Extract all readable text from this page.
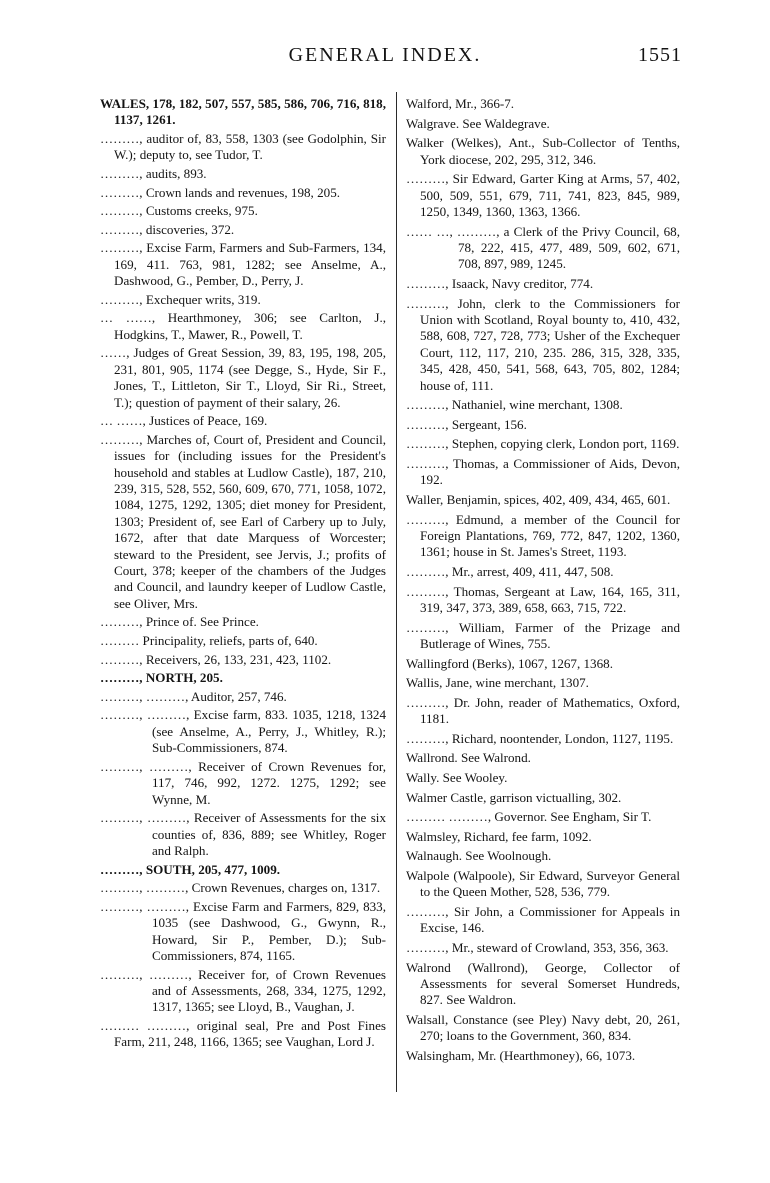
GENERAL INDEX.	1551
WALES, 178, 182, 507, 557, 585, 586, 706, 716, 818, 1137, 1261.
………, auditor of, 83, 558, 1303 (see Godolphin, Sir W.); deputy to, see Tudor, T.
………, audits, 893.
………, Crown lands and revenues, 198, 205.
………, Customs creeks, 975.
………, discoveries, 372.
………, Excise Farm, Farmers and Sub-Farmers, 134, 169, 411. 763, 981, 1282; see Anselme, A., Dashwood, G., Pember, D., Perry, J.
………, Exchequer writs, 319.
… ……, Hearthmoney, 306; see Carlton, J., Hodgkins, T., Mawer, R., Powell, T.
……, Judges of Great Session, 39, 83, 195, 198, 205, 231, 801, 905, 1174 (see Degge, S., Hyde, Sir F., Jones, T., Littleton, Sir T., Lloyd, Sir Ri., Street, T.); question of payment of their salary, 26.
… ……, Justices of Peace, 169.
………, Marches of, Court of, President and Council, issues for (including issues for the President's household and stables at Ludlow Castle), 187, 210, 239, 315, 528, 552, 560, 609, 670, 771, 1058, 1072, 1084, 1275, 1292, 1305; diet money for President, 1303; President of, see Earl of Carbery up to July, 1672, after that date Marquess of Worcester; steward to the President, see Jervis, J.; profits of Court, 378; keeper of the chambers of the Judges and Council, and laundry keeper of Ludlow Castle, see Oliver, Mrs.
………, Prince of. See Prince.
……… Principality, reliefs, parts of, 640.
………, Receivers, 26, 133, 231, 423, 1102.
………, NORTH, 205.
………, ………, Auditor, 257, 746.
………, ………, Excise farm, 833. 1035, 1218, 1324 (see Anselme, A., Perry, J., Whitley, R.); Sub-Commissioners, 874.
………, ………, Receiver of Crown Revenues for, 117, 746, 992, 1272. 1275, 1292; see Wynne, M.
………, ………, Receiver of Assessments for the six counties of, 836, 889; see Whitley, Roger and Ralph.
………, SOUTH, 205, 477, 1009.
………, ………, Crown Revenues, charges on, 1317.
………, ………, Excise Farm and Farmers, 829, 833, 1035 (see Dashwood, G., Gwynn, R., Howard, Sir P., Pember, D.); Sub-Commissioners, 874, 1165.
………, ………, Receiver for, of Crown Revenues and of Assessments, 268, 334, 1275, 1292, 1317, 1365; see Lloyd, B., Vaughan, J.
……… ………, original seal, Pre and Post Fines Farm, 211, 248, 1166, 1365; see Vaughan, Lord J.
Walford, Mr., 366-7.
Walgrave. See Waldegrave.
Walker (Welkes), Ant., Sub-Collector of Tenths, York diocese, 202, 295, 312, 346.
………, Sir Edward, Garter King at Arms, 57, 402, 500, 509, 551, 679, 711, 741, 823, 845, 989, 1250, 1349, 1360, 1363, 1366.
…… …, ………, a Clerk of the Privy Council, 68, 78, 222, 415, 477, 489, 509, 602, 671, 708, 897, 989, 1245.
………, Isaack, Navy creditor, 774.
………, John, clerk to the Commissioners for Union with Scotland, Royal bounty to, 410, 432, 588, 608, 727, 728, 773; Usher of the Exchequer Court, 112, 117, 210, 235. 286, 315, 328, 335, 345, 428, 450, 541, 568, 643, 705, 802, 1284; house of, 111.
………, Nathaniel, wine merchant, 1308.
………, Sergeant, 156.
………, Stephen, copying clerk, London port, 1169.
………, Thomas, a Commissioner of Aids, Devon, 192.
Waller, Benjamin, spices, 402, 409, 434, 465, 601.
………, Edmund, a member of the Council for Foreign Plantations, 769, 772, 847, 1202, 1360, 1361; house in St. James's Street, 1193.
………, Mr., arrest, 409, 411, 447, 508.
………, Thomas, Sergeant at Law, 164, 165, 311, 319, 347, 373, 389, 658, 663, 715, 722.
………, William, Farmer of the Prizage and Butlerage of Wines, 755.
Wallingford (Berks), 1067, 1267, 1368.
Wallis, Jane, wine merchant, 1307.
………, Dr. John, reader of Mathematics, Oxford, 1181.
………, Richard, noontender, London, 1127, 1195.
Wallrond. See Walrond.
Wally. See Wooley.
Walmer Castle, garrison victualling, 302.
……… ………, Governor. See Engham, Sir T.
Walmsley, Richard, fee farm, 1092.
Walnaugh. See Woolnough.
Walpole (Walpoole), Sir Edward, Surveyor General to the Queen Mother, 528, 536, 779.
………, Sir John, a Commissioner for Appeals in Excise, 146.
………, Mr., steward of Crowland, 353, 356, 363.
Walrond (Wallrond), George, Collector of Assessments for several Somerset Hundreds, 827. See Waldron.
Walsall, Constance (see Pley) Navy debt, 20, 261, 270; loans to the Government, 360, 834.
Walsingham, Mr. (Hearthmoney), 66, 1073.
